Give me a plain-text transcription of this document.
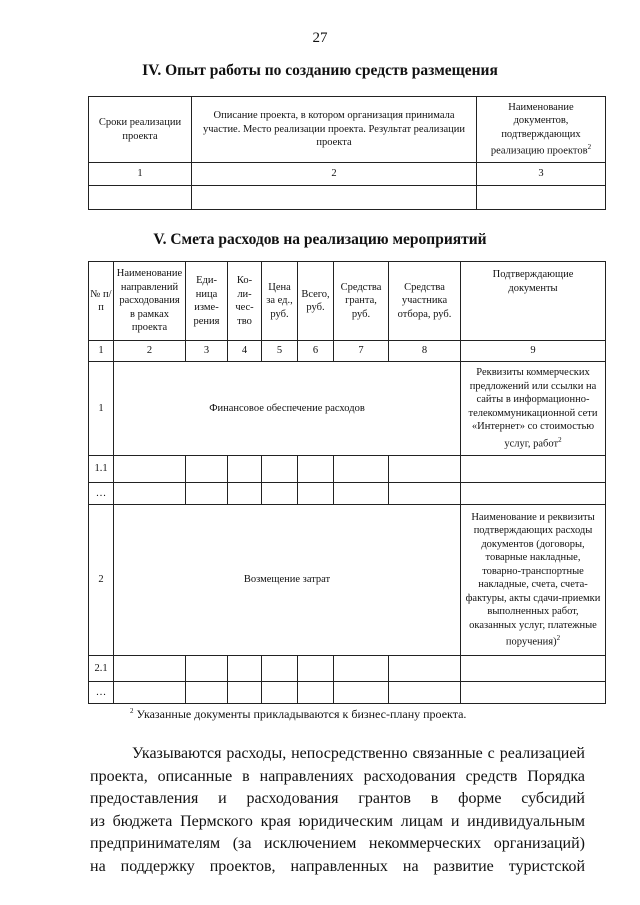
27
IV. Опыт работы по созданию средств размещения
Сроки реализации проекта	Описание проекта, в котором организация принимала участие. Место реализации проекта. Результат реализации проекта	Наименование документов, подтверждающих реализацию проектов$^2$
1	2	3

V. Смета расходов на реализацию мероприятий
№ п/п	Наименование направлений расходования в рамках проекта	Еди-ница изме-рения	Ко-ли-чес-тво	Цена за ед., руб.	Всего, руб.	Средства гранта, руб.	Средства участника отбора, руб.	Подтверждающие документы
1	2	3	4	5	6	7	8	9
1	Финансовое обеспечение расходов							Реквизиты коммерческих предложений или ссылки на сайты в информационно-телекоммуникационной сети «Интернет» со стоимостью услуг, работ$^2$
1.1								
…								
2	Возмещение затрат							Наименование и реквизиты подтверждающих расходы документов (договоры, товарные накладные, товарно-транспортные накладные, счета, счета-фактуры, акты сдачи-приемки выполненных работ, оказанных услуг, платежные поручения)$^2$
2.1								
…								
$^2$ Указанные документы прикладываются к бизнес-плану проекта.
Указываются расходы, непосредственно связанные с реализацией
проекта, описанные в направлениях расходования средств Порядка
предоставления и расходования грантов в форме субсидий
из бюджета Пермского края юридическим лицам и индивидуальным
предпринимателям (за исключением некоммерческих организаций)
на поддержку проектов, направленных на развитие туристской
